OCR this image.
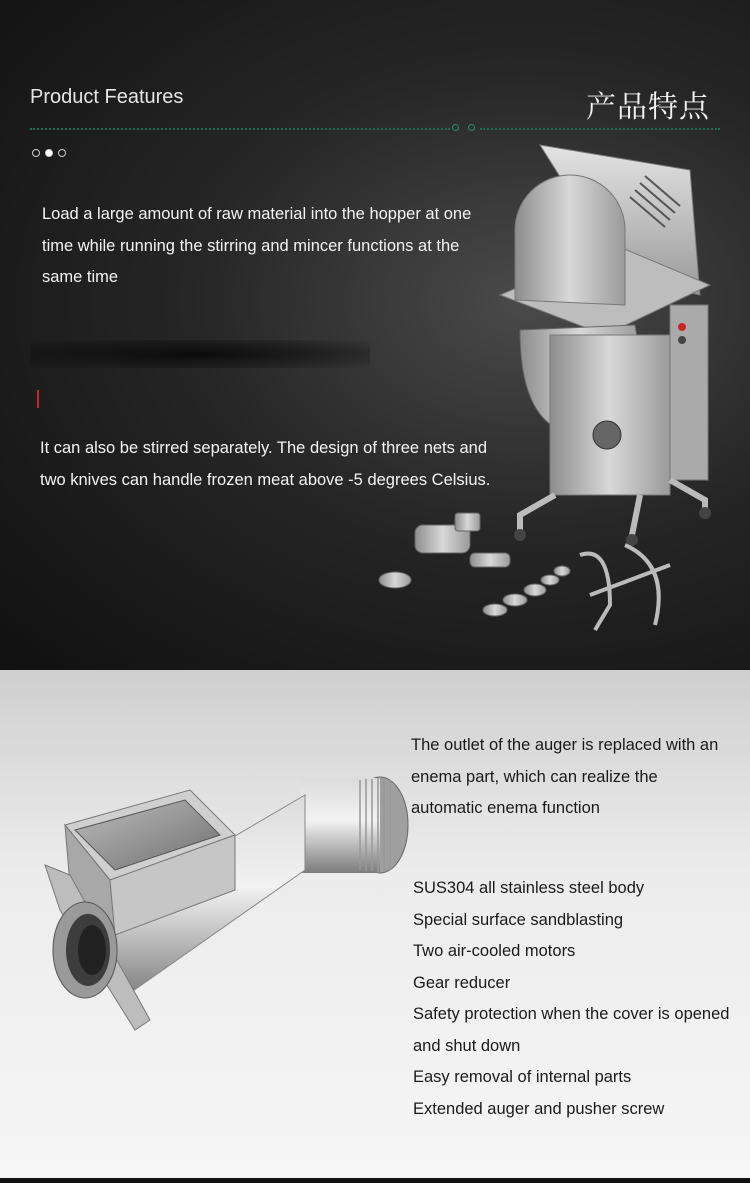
Product Features	产品特点
Load a large amount of raw material into the hopper at one time while running the stirring and mincer functions at the same time
It can also be stirred separately. The design of three nets and two knives can handle frozen meat above -5 degrees Celsius.
The outlet of the auger is replaced with an enema part, which can realize the automatic enema function
SUS304 all stainless steel body
Special surface sandblasting
Two air-cooled motors
Gear reducer
Safety protection when the cover is opened and shut down
Easy removal of internal parts
Extended auger and pusher screw
